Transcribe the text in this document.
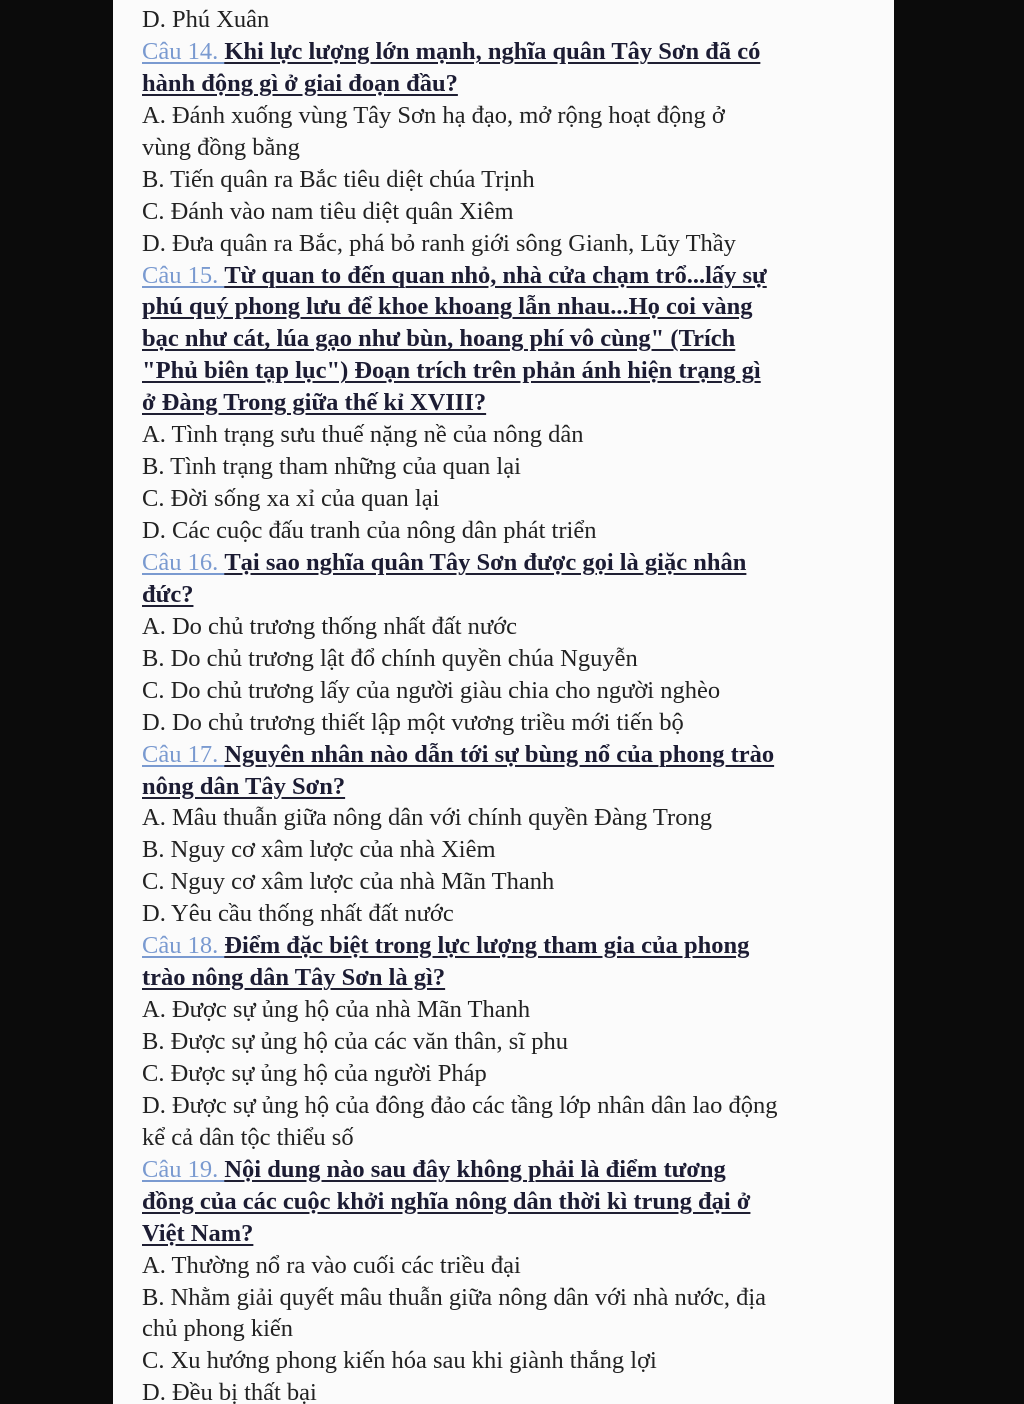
D. Phú Xuân
Câu 14. Khi lực lượng lớn mạnh, nghĩa quân Tây Sơn đã có
hành động gì ở giai đoạn đầu?
A. Đánh xuống vùng Tây Sơn hạ đạo, mở rộng hoạt động ở
vùng đồng bằng
B. Tiến quân ra Bắc tiêu diệt chúa Trịnh
C. Đánh vào nam tiêu diệt quân Xiêm
D. Đưa quân ra Bắc, phá bỏ ranh giới sông Gianh, Lũy Thầy
Câu 15. Từ quan to đến quan nhỏ, nhà cửa chạm trổ...lấy sự
phú quý phong lưu để khoe khoang lẫn nhau...Họ coi vàng
bạc như cát, lúa gạo như bùn, hoang phí vô cùng" (Trích
"Phủ biên tạp lục") Đoạn trích trên phản ánh hiện trạng gì
ở Đàng Trong giữa thế kỉ XVIII?
A. Tình trạng sưu thuế nặng nề của nông dân
B. Tình trạng tham những của quan lại
C. Đời sống xa xỉ của quan lại
D. Các cuộc đấu tranh của nông dân phát triển
Câu 16. Tại sao nghĩa quân Tây Sơn được gọi là giặc nhân
đức?
A. Do chủ trương thống nhất đất nước
B. Do chủ trương lật đổ chính quyền chúa Nguyễn
C. Do chủ trương lấy của người giàu chia cho người nghèo
D. Do chủ trương thiết lập một vương triều mới tiến bộ
Câu 17. Nguyên nhân nào dẫn tới sự bùng nổ của phong trào
nông dân Tây Sơn?
A. Mâu thuẫn giữa nông dân với chính quyền Đàng Trong
B. Nguy cơ xâm lược của nhà Xiêm
C. Nguy cơ xâm lược của nhà Mãn Thanh
D. Yêu cầu thống nhất đất nước
Câu 18. Điểm đặc biệt trong lực lượng tham gia của phong
trào nông dân Tây Sơn là gì?
A. Được sự ủng hộ của nhà Mãn Thanh
B. Được sự ủng hộ của các văn thân, sĩ phu
C. Được sự ủng hộ của người Pháp
D. Được sự ủng hộ của đông đảo các tầng lớp nhân dân lao động
kể cả dân tộc thiểu số
Câu 19. Nội dung nào sau đây không phải là điểm tương
đồng của các cuộc khởi nghĩa nông dân thời kì trung đại ở
Việt Nam?
A. Thường nổ ra vào cuối các triều đại
B. Nhằm giải quyết mâu thuẫn giữa nông dân với nhà nước, địa
chủ phong kiến
C. Xu hướng phong kiến hóa sau khi giành thắng lợi
D. Đều bị thất bại
